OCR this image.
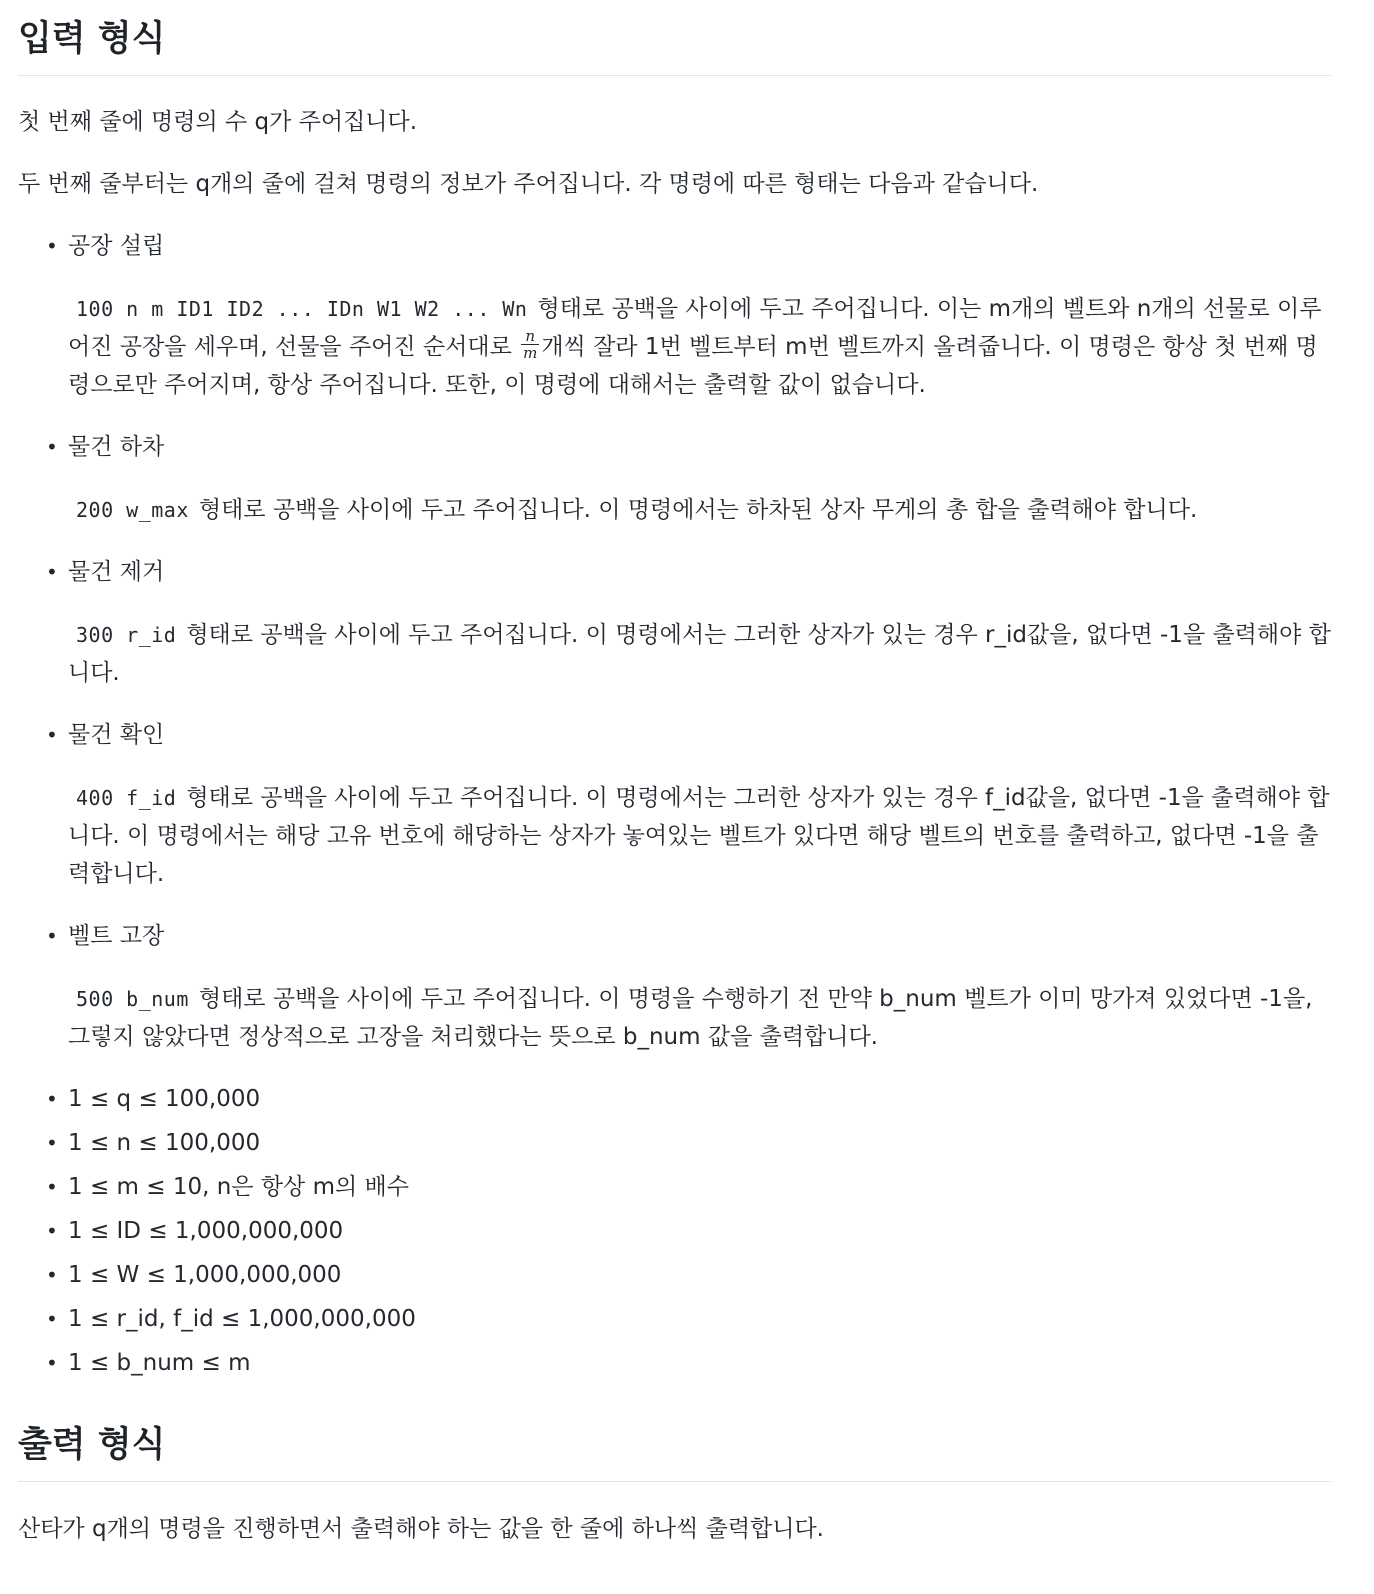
입력 형식

첫 번째 줄에 명령의 수 q가 주어집니다.

두 번째 줄부터는 q개의 줄에 걸쳐 명령의 정보가 주어집니다. 각 명령에 따른 형태는 다음과 같습니다.

• 공장 설립
100 n m ID1 ID2 ... IDn W1 W2 ... Wn 형태로 공백을 사이에 두고 주어집니다. 이는 m개의 벨트와 n개의 선물로 이루어진 공장을 세우며, 선물을 주어진 순서대로 $\frac{n}{m}$ 개씩 잘라 1번 벨트부터 m번 벨트까지 올려줍니다. 이 명령은 항상 첫 번째 명령으로만 주어지며, 항상 주어집니다. 또한, 이 명령에 대해서는 출력할 값이 없습니다.
• 물건 하차
200 w_max 형태로 공백을 사이에 두고 주어집니다. 이 명령에서는 하차된 상자 무게의 총 합을 출력해야 합니다.
• 물건 제거
300 r_id 형태로 공백을 사이에 두고 주어집니다. 이 명령에서는 그러한 상자가 있는 경우 r_id값을, 없다면 -1을 출력해야 합니다.
• 물건 확인
400 f_id 형태로 공백을 사이에 두고 주어집니다. 이 명령에서는 그러한 상자가 있는 경우 f_id값을, 없다면 -1을 출력해야 합니다. 이 명령에서는 해당 고유 번호에 해당하는 상자가 놓여있는 벨트가 있다면 해당 벨트의 번호를 출력하고, 없다면 -1을 출력합니다.
• 벨트 고장
500 b_num 형태로 공백을 사이에 두고 주어집니다. 이 명령을 수행하기 전 만약 b_num 벨트가 이미 망가져 있었다면 -1을, 그렇지 않았다면 정상적으로 고장을 처리했다는 뜻으로 b_num 값을 출력합니다.
• 1 ≤ q ≤ 100,000
• 1 ≤ n ≤ 100,000
• 1 ≤ m ≤ 10, n은 항상 m의 배수
• 1 ≤ ID ≤ 1,000,000,000
• 1 ≤ W ≤ 1,000,000,000
• 1 ≤ r_id, f_id ≤ 1,000,000,000
• 1 ≤ b_num ≤ m
출력 형식

산타가 q개의 명령을 진행하면서 출력해야 하는 값을 한 줄에 하나씩 출력합니다.
